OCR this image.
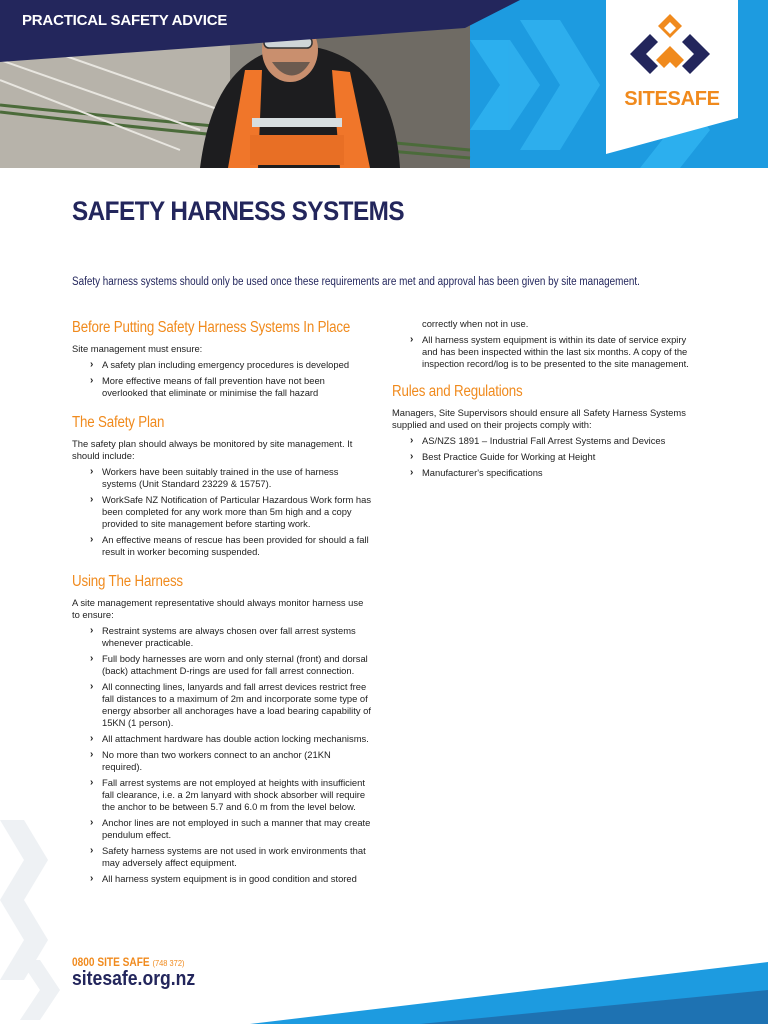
PRACTICAL SAFETY ADVICE
SITESAFE
SAFETY HARNESS SYSTEMS

Safety harness systems should only be used once these requirements are met and approval has been given by site management.

Before Putting Safety Harness Systems In Place

Site management must ensure:

› A safety plan including emergency procedures is developed
› More effective means of fall prevention have not been overlooked that eliminate or minimise the fall hazard
The Safety Plan

The safety plan should always be monitored by site management. It should include:

› Workers have been suitably trained in the use of harness systems (Unit Standard 23229 & 15757).
› WorkSafe NZ Notification of Particular Hazardous Work form has been completed for any work more than 5m high and a copy provided to site management before starting work.
› An effective means of rescue has been provided for should a fall result in worker becoming suspended.
Using The Harness

A site management representative should always monitor harness use to ensure:

› Restraint systems are always chosen over fall arrest systems whenever practicable.
› Full body harnesses are worn and only sternal (front) and dorsal (back) attachment D-rings are used for fall arrest connection.
› All connecting lines, lanyards and fall arrest devices restrict free fall distances to a maximum of 2m and incorporate some type of energy absorber all anchorages have a load bearing capability of 15KN (1 person).
› All attachment hardware has double action locking mechanisms.
› No more than two workers connect to an anchor (21KN required).
› Fall arrest systems are not employed at heights with insufficient fall clearance, i.e. a 2m lanyard with shock absorber will require the anchor to be between 5.7 and 6.0 m from the level below.
› Anchor lines are not employed in such a manner that may create pendulum effect.
› Safety harness systems are not used in work environments that may adversely affect equipment.
› All harness system equipment is in good condition and stored

correctly when not in use.

› All harness system equipment is within its date of service expiry and has been inspected within the last six months. A copy of the inspection record/log is to be presented to the site management.
Rules and Regulations

Managers, Site Supervisors should ensure all Safety Harness Systems supplied and used on their projects comply with:

› AS/NZS 1891 – Industrial Fall Arrest Systems and Devices
› Best Practice Guide for Working at Height
› Manufacturer's specifications
0800 SITE SAFE (748 372)
sitesafe.org.nz
